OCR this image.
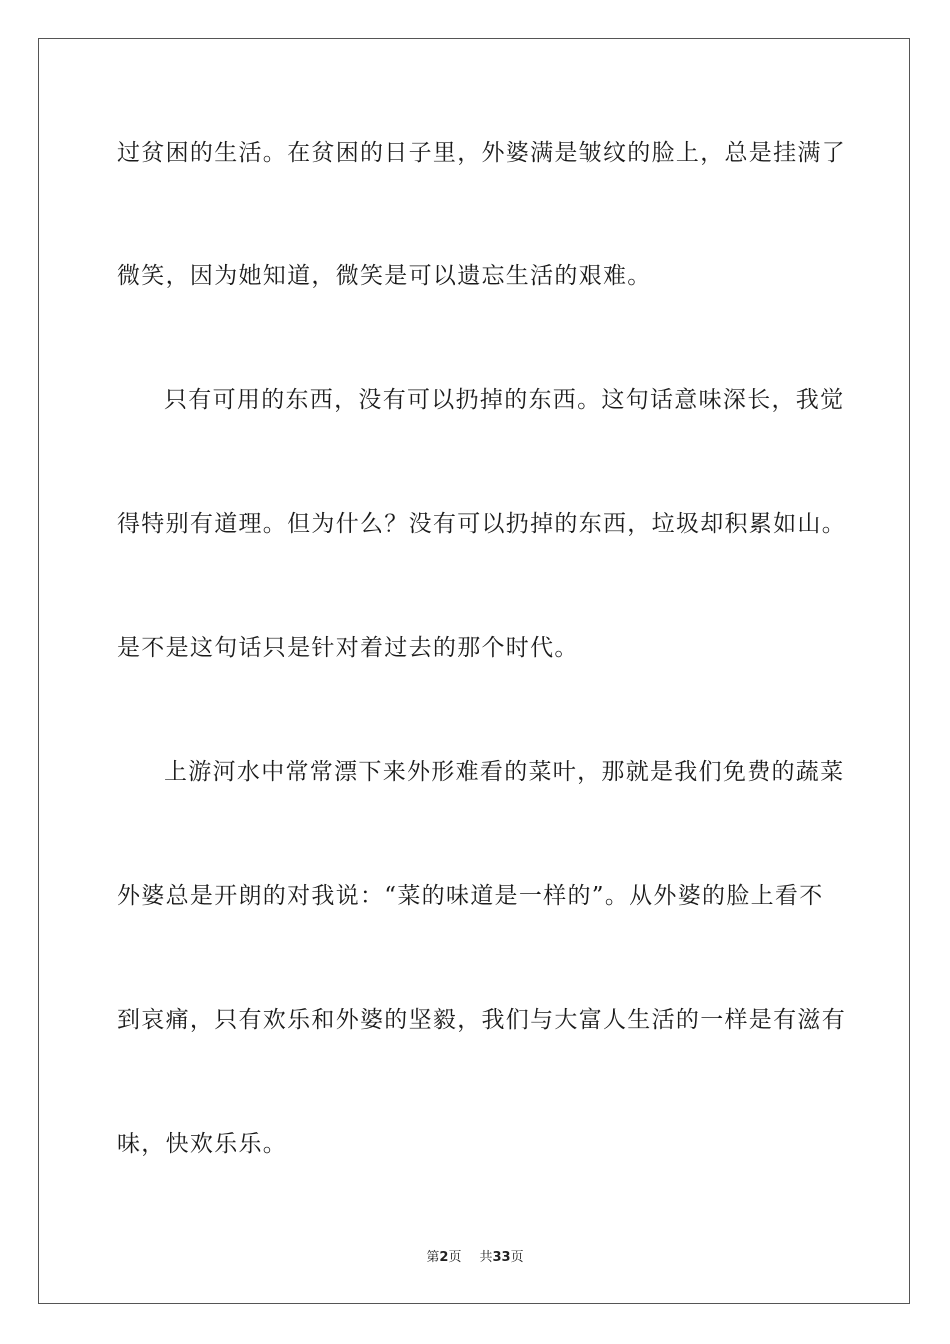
过贫困的生活。在贫困的日子里，外婆满是皱纹的脸上，总是挂满了
微笑，因为她知道，微笑是可以遗忘生活的艰难。
只有可用的东西，没有可以扔掉的东西。这句话意味深长，我觉
得特别有道理。但为什么？没有可以扔掉的东西，垃圾却积累如山。
是不是这句话只是针对着过去的那个时代。
上游河水中常常漂下来外形难看的菜叶，那就是我们免费的蔬菜
外婆总是开朗的对我说：“菜的味道是一样的”。从外婆的脸上看不
到哀痛，只有欢乐和外婆的坚毅，我们与大富人生活的一样是有滋有
味，快欢乐乐。
第2页 共33页
